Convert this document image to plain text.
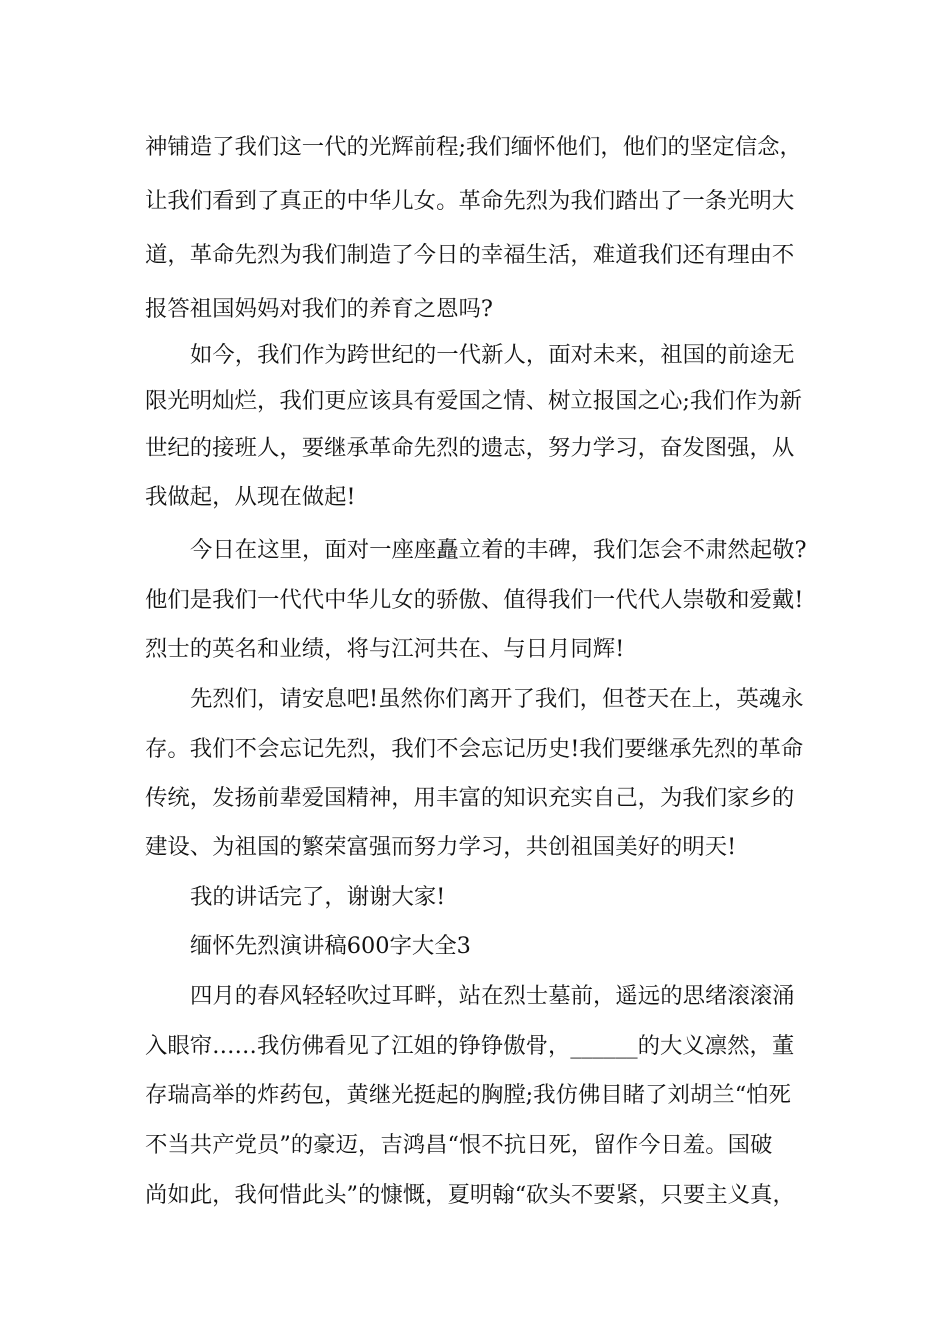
神铺造了我们这一代的光辉前程;我们缅怀他们，他们的坚定信念，
让我们看到了真正的中华儿女。革命先烈为我们踏出了一条光明大
道，革命先烈为我们制造了今日的幸福生活，难道我们还有理由不
报答祖国妈妈对我们的养育之恩吗?
如今，我们作为跨世纪的一代新人，面对未来，祖国的前途无
限光明灿烂，我们更应该具有爱国之情、树立报国之心;我们作为新
世纪的接班人，要继承革命先烈的遗志，努力学习，奋发图强，从
我做起，从现在做起!
今日在这里，面对一座座矗立着的丰碑，我们怎会不肃然起敬?
他们是我们一代代中华儿女的骄傲、值得我们一代代人崇敬和爱戴!
烈士的英名和业绩，将与江河共在、与日月同辉!
先烈们，请安息吧!虽然你们离开了我们，但苍天在上，英魂永
存。我们不会忘记先烈，我们不会忘记历史!我们要继承先烈的革命
传统，发扬前辈爱国精神，用丰富的知识充实自己，为我们家乡的
建设、为祖国的繁荣富强而努力学习，共创祖国美好的明天!
我的讲话完了，谢谢大家!
缅怀先烈演讲稿600字大全3
四月的春风轻轻吹过耳畔，站在烈士墓前，遥远的思绪滚滚涌
入眼帘……我仿佛看见了江姐的铮铮傲骨，______的大义凛然，董
存瑞高举的炸药包，黄继光挺起的胸膛;我仿佛目睹了刘胡兰“怕死
不当共产党员”的豪迈，吉鸿昌“恨不抗日死，留作今日羞。国破
尚如此，我何惜此头”的慷慨，夏明翰“砍头不要紧，只要主义真，
